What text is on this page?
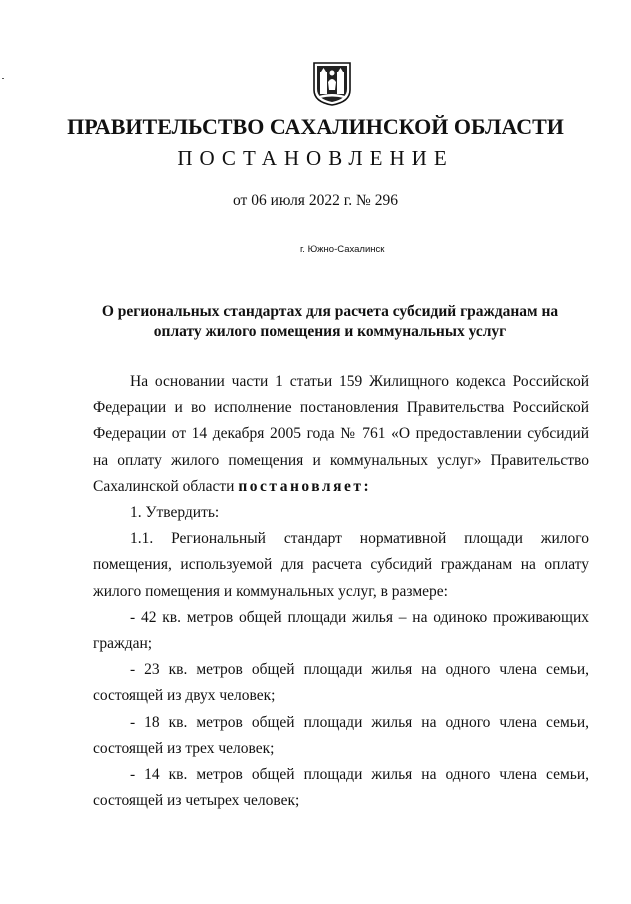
ПРАВИТЕЛЬСТВО САХАЛИНСКОЙ ОБЛАСТИ
ПОСТАНОВЛЕНИЕ
от 06 июля 2022 г. № 296
г. Южно-Сахалинск
О региональных стандартах для расчета субсидий гражданам на оплату жилого помещения и коммунальных услуг

На основании части 1 статьи 159 Жилищного кодекса Российской Федерации и во исполнение постановления Правительства Российской Федерации от 14 декабря 2005 года № 761 «О предоставлении субсидий на оплату жилого помещения и коммунальных услуг» Правительство Сахалинской области постановляет:

1. Утвердить:

1.1. Региональный стандарт нормативной площади жилого помещения, используемой для расчета субсидий гражданам на оплату жилого помещения и коммунальных услуг, в размере:

- 42 кв. метров общей площади жилья – на одиноко проживающих граждан;

- 23 кв. метров общей площади жилья на одного члена семьи, состоящей из двух человек;

- 18 кв. метров общей площади жилья на одного члена семьи, состоящей из трех человек;

- 14 кв. метров общей площади жилья на одного члена семьи, состоящей из четырех человек;
